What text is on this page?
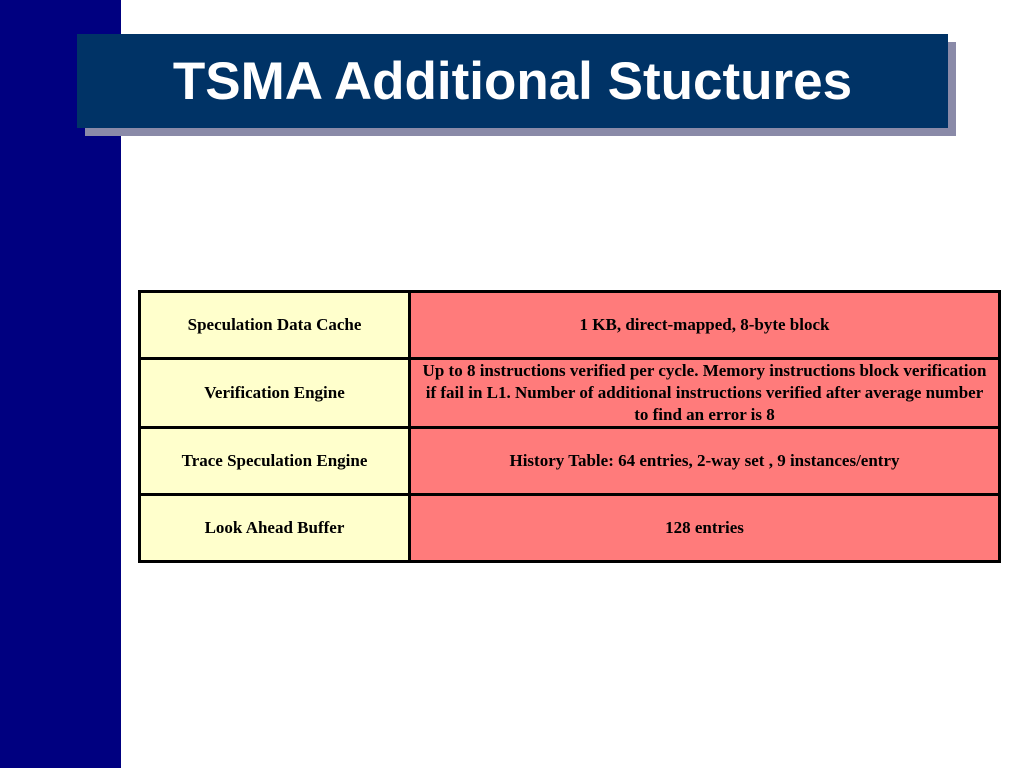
TSMA Additional Stuctures
Speculation Data Cache	1 KB, direct-mapped, 8-byte block
Verification Engine	Up to 8 instructions verified per cycle. Memory instructions block verification if fail in L1. Number of additional instructions verified after average number to find an error is 8
Trace Speculation Engine	History Table: 64 entries, 2-way set , 9 instances/entry
Look Ahead Buffer	128 entries
